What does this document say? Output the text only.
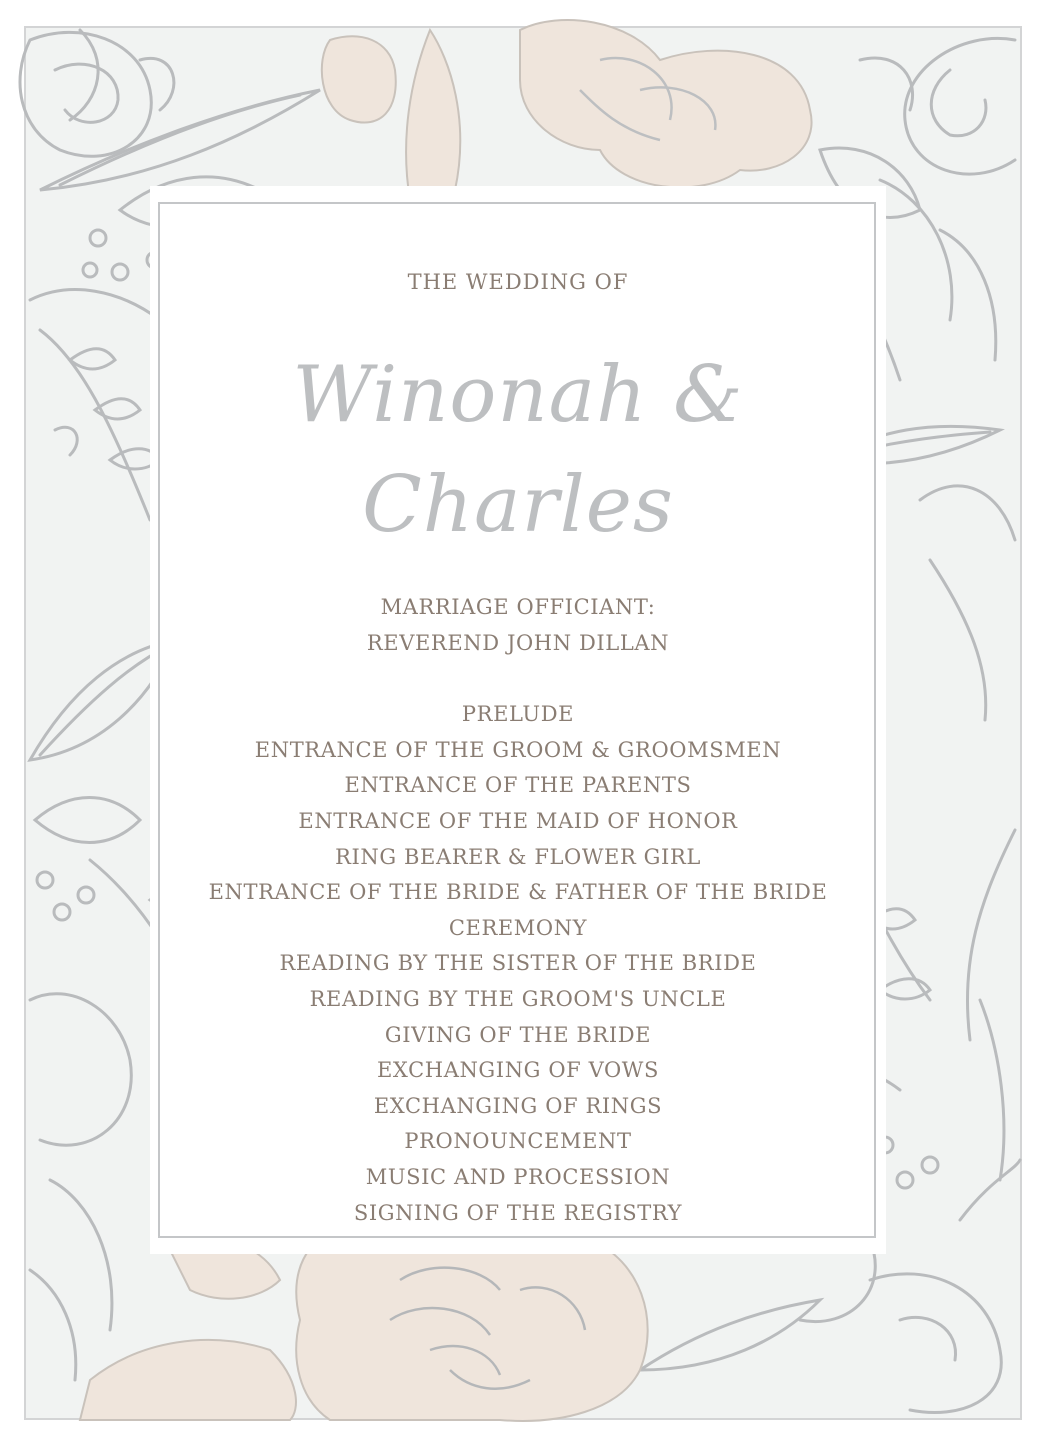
THE WEDDING OF

Winonah & Charles

MARRIAGE OFFICIANT:

REVEREND JOHN DILLAN

PRELUDE

ENTRANCE OF THE GROOM & GROOMSMEN

ENTRANCE OF THE PARENTS

ENTRANCE OF THE MAID OF HONOR

RING BEARER & FLOWER GIRL

ENTRANCE OF THE BRIDE & FATHER OF THE BRIDE

CEREMONY

READING BY THE SISTER OF THE BRIDE

READING BY THE GROOM'S UNCLE

GIVING OF THE BRIDE

EXCHANGING OF VOWS

EXCHANGING OF RINGS

PRONOUNCEMENT

MUSIC AND PROCESSION

SIGNING OF THE REGISTRY
